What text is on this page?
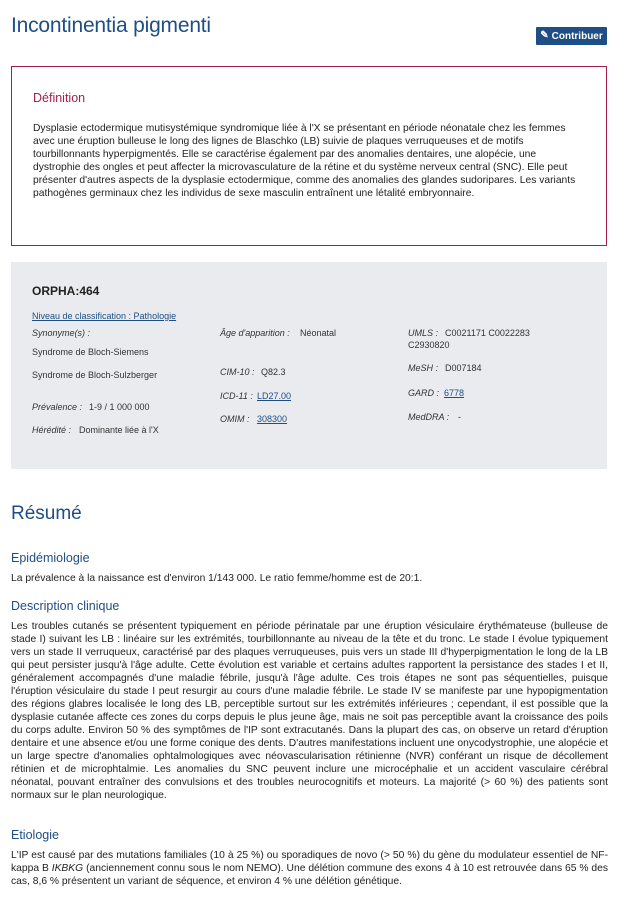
Incontinentia pigmenti	✎ Contribuer
Définition

Dysplasie ectodermique mutisystémique syndromique liée à l'X se présentant en période néonatale chez les femmes avec une éruption bulleuse le long des lignes de Blaschko (LB) suivie de plaques verruqueuses et de motifs tourbillonnants hyperpigmentés. Elle se caractérise également par des anomalies dentaires, une alopécie, une dystrophie des ongles et peut affecter la microvasculature de la rétine et du système nerveux central (SNC). Elle peut présenter d'autres aspects de la dysplasie ectodermique, comme des anomalies des glandes sudoripares. Les variants pathogènes germinaux chez les individus de sexe masculin entraînent une létalité embryonnaire.

ORPHA:464
Niveau de classification : Pathologie
Synonyme(s) :
Syndrome de Bloch-Siemens
Syndrome de Bloch-Sulzberger
Prévalence : 1-9 / 1 000 000
Hérédité : Dominante liée à l'X
Âge d'apparition : Néonatal
CIM-10 : Q82.3
ICD-11 : LD27.00
OMIM : 308300
UMLS : C0021171 C0022283
C2930820
MeSH : D007184
GARD : 6778
MedDRA : -
Résumé
Epidémiologie

La prévalence à la naissance est d'environ 1/143 000. Le ratio femme/homme est de 20:1.

Description clinique

Les troubles cutanés se présentent typiquement en période périnatale par une éruption vésiculaire érythémateuse (bulleuse de stade I) suivant les LB : linéaire sur les extrémités, tourbillonnante au niveau de la tête et du tronc. Le stade I évolue typiquement vers un stade II verruqueux, caractérisé par des plaques verruqueuses, puis vers un stade III d'hyperpigmentation le long de la LB qui peut persister jusqu'à l'âge adulte. Cette évolution est variable et certains adultes rapportent la persistance des stades I et II, généralement accompagnés d'une maladie fébrile, jusqu'à l'âge adulte. Ces trois étapes ne sont pas séquentielles, puisque l'éruption vésiculaire du stade I peut resurgir au cours d'une maladie fébrile. Le stade IV se manifeste par une hypopigmentation des régions glabres localisée le long des LB, perceptible surtout sur les extrémités inférieures ; cependant, il est possible que la dysplasie cutanée affecte ces zones du corps depuis le plus jeune âge, mais ne soit pas perceptible avant la croissance des poils du corps adulte. Environ 50 % des symptômes de l'IP sont extracutanés. Dans la plupart des cas, on observe un retard d'éruption dentaire et une absence et/ou une forme conique des dents. D'autres manifestations incluent une onycodystrophie, une alopécie et un large spectre d'anomalies ophtalmologiques avec néovascularisation rétinienne (NVR) conférant un risque de décollement rétinien et de microphtalmie. Les anomalies du SNC peuvent inclure une microcéphalie et un accident vasculaire cérébral néonatal, pouvant entraîner des convulsions et des troubles neurocognitifs et moteurs. La majorité (> 60 %) des patients sont normaux sur le plan neurologique.

Etiologie

L'IP est causé par des mutations familiales (10 à 25 %) ou sporadiques de novo (> 50 %) du gène du modulateur essentiel de NF-kappa B IKBKG (anciennement connu sous le nom NEMO). Une délétion commune des exons 4 à 10 est retrouvée dans 65 % des cas, 8,6 % présentent un variant de séquence, et environ 4 % une délétion génétique.
